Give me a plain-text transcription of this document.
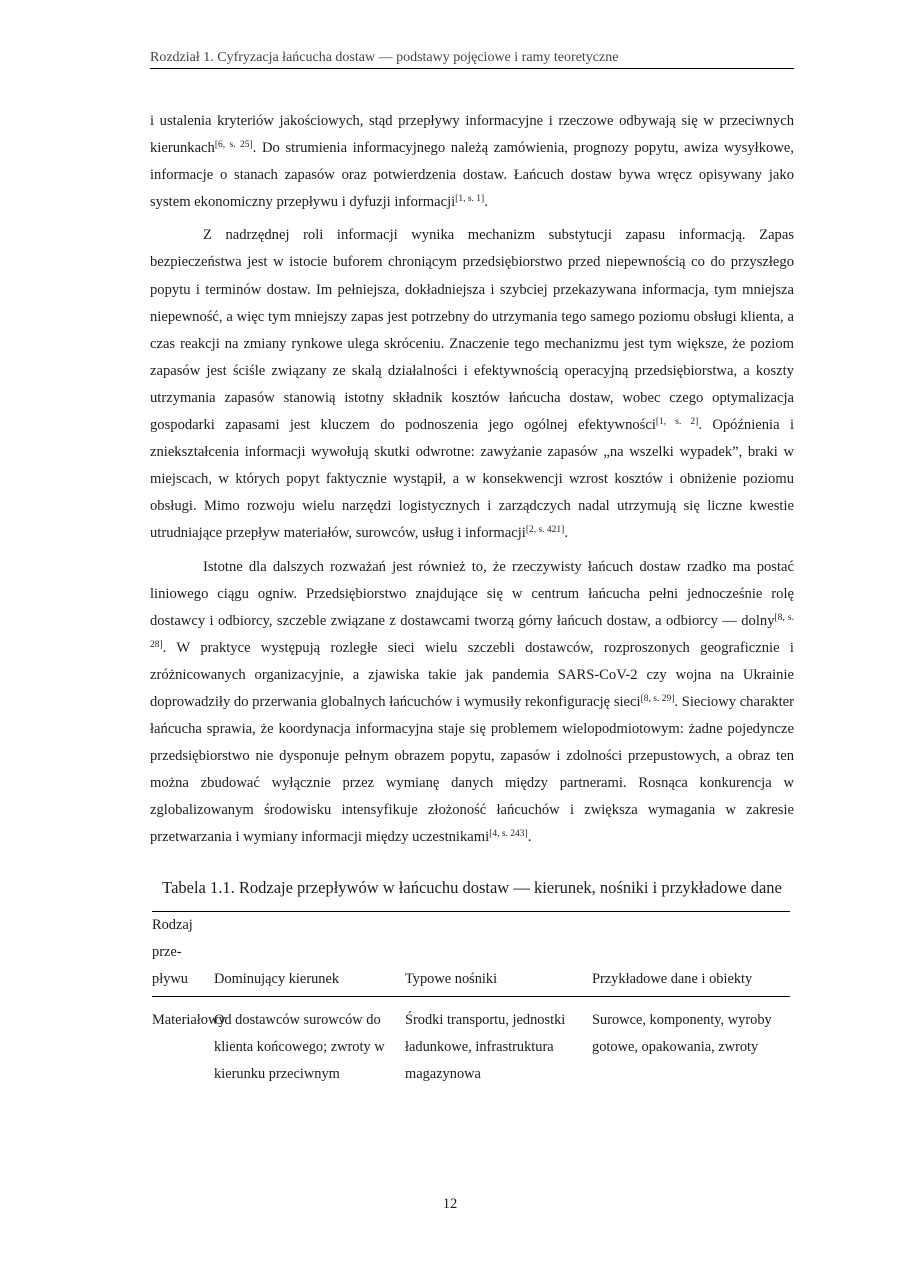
Rozdział 1. Cyfryzacja łańcucha dostaw — podstawy pojęciowe i ramy teoretyczne

i ustalenia kryteriów jakościowych, stąd przepływy informacyjne i rzeczowe odbywają się w przeciwnych kierunkach[6, s. 25]. Do strumienia informacyjnego należą zamówienia, prognozy popytu, awiza wysyłkowe, informacje o stanach zapasów oraz potwierdzenia dostaw. Łańcuch dostaw bywa wręcz opisywany jako system ekonomiczny przepływu i dyfuzji informacji[1, s. 1].

Z nadrzędnej roli informacji wynika mechanizm substytucji zapasu informacją. Zapas bezpieczeństwa jest w istocie buforem chroniącym przedsiębiorstwo przed niepewnością co do przyszłego popytu i terminów dostaw. Im pełniejsza, dokładniejsza i szybciej przekazywana informacja, tym mniejsza niepewność, a więc tym mniejszy zapas jest potrzebny do utrzymania tego samego poziomu obsługi klienta, a czas reakcji na zmiany rynkowe ulega skróceniu. Znaczenie tego mechanizmu jest tym większe, że poziom zapasów jest ściśle związany ze skalą działalności i efektywnością operacyjną przedsiębiorstwa, a koszty utrzymania zapasów stanowią istotny składnik kosztów łańcucha dostaw, wobec czego optymalizacja gospodarki zapasami jest kluczem do podnoszenia jego ogólnej efektywności[1, s. 2]. Opóźnienia i zniekształcenia informacji wywołują skutki odwrotne: zawyżanie zapasów „na wszelki wypadek”, braki w miejscach, w których popyt faktycznie wystąpił, a w konsekwencji wzrost kosztów i obniżenie poziomu obsługi. Mimo rozwoju wielu narzędzi logistycznych i zarządczych nadal utrzymują się liczne kwestie utrudniające przepływ materiałów, surowców, usług i informacji[2, s. 421].

Istotne dla dalszych rozważań jest również to, że rzeczywisty łańcuch dostaw rzadko ma postać liniowego ciągu ogniw. Przedsiębiorstwo znajdujące się w centrum łańcucha pełni jednocześnie rolę dostawcy i odbiorcy, szczeble związane z dostawcami tworzą górny łańcuch dostaw, a odbiorcy — dolny[8, s. 28]. W praktyce występują rozległe sieci wielu szczebli dostawców, rozproszonych geograficznie i zróżnicowanych organizacyjnie, a zjawiska takie jak pandemia SARS-CoV-2 czy wojna na Ukrainie doprowadziły do przerwania globalnych łańcuchów i wymusiły rekonfigurację sieci[8, s. 29]. Sieciowy charakter łańcucha sprawia, że koordynacja informacyjna staje się problemem wielopodmiotowym: żadne pojedyncze przedsiębiorstwo nie dysponuje pełnym obrazem popytu, zapasów i zdolności przepustowych, a obraz ten można zbudować wyłącznie przez wymianę danych między partnerami. Rosnąca konkurencja w zglobalizowanym środowisku intensyfikuje złożoność łańcuchów i zwiększa wymagania w zakresie przetwarzania i wymiany informacji między uczestnikami[4, s. 243].

Tabela 1.1. Rodzaje przepływów w łańcuchu dostaw — kierunek, nośniki i przykładowe dane
Rodzaj przepływu	Dominujący kierunek	Typowe nośniki	Przykładowe dane i obiekty
Materiałowy	Od dostawców surowców do klienta końcowego; zwroty w kierunku przeciwnym	Środki transportu, jednostki ładunkowe, infrastruktura magazynowa	Surowce, komponenty, wyroby gotowe, opakowania, zwroty
12
